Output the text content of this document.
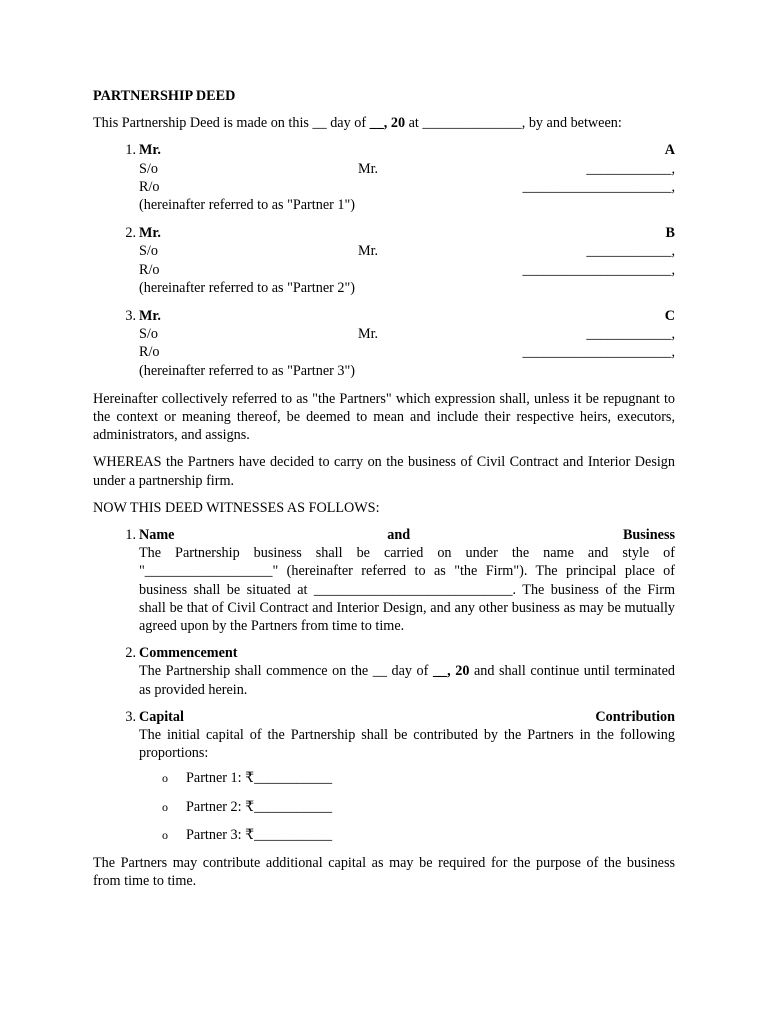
PARTNERSHIP DEED

This Partnership Deed is made on this __ day of __, 20 at ______________, by and between:

1. Mr.	A
S/o	Mr.	____________,
R/o	_____________________,
(hereinafter referred to as "Partner 1")
2. Mr.	B
S/o	Mr.	____________,
R/o	_____________________,
(hereinafter referred to as "Partner 2")
3. Mr.	C
S/o	Mr.	____________,
R/o	_____________________,
(hereinafter referred to as "Partner 3")

Hereinafter collectively referred to as "the Partners" which expression shall, unless it be repugnant to the context or meaning thereof, be deemed to mean and include their respective heirs, executors, administrators, and assigns.

WHEREAS the Partners have decided to carry on the business of Civil Contract and Interior Design under a partnership firm.

NOW THIS DEED WITNESSES AS FOLLOWS:

1. Name	and	Business
The Partnership business shall be carried on under the name and style of "__________________" (hereinafter referred to as "the Firm"). The principal place of business shall be situated at ____________________________. The business of the Firm shall be that of Civil Contract and Interior Design, and any other business as may be mutually agreed upon by the Partners from time to time.
2. Commencement
The Partnership shall commence on the __ day of __, 20 and shall continue until terminated as provided herein.
3. Capital	Contribution
The initial capital of the Partnership shall be contributed by the Partners in the following proportions:
o Partner 1: ₹___________
o Partner 2: ₹___________
o Partner 3: ₹___________

The Partners may contribute additional capital as may be required for the purpose of the business from time to time.
